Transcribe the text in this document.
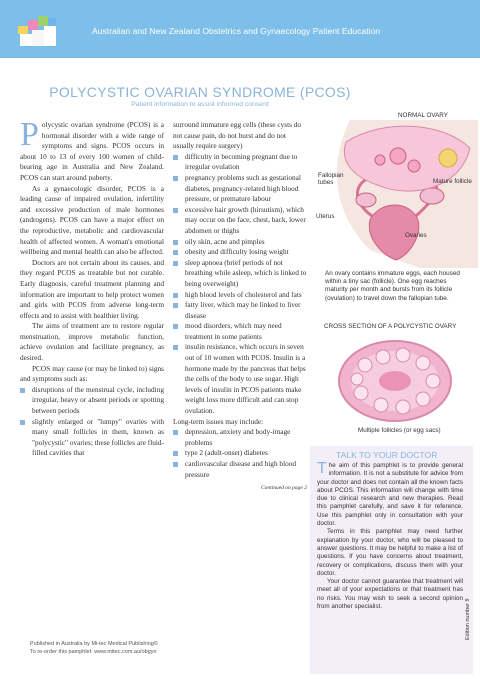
Australian and New Zealand Obstetrics and Gynaecology Patient Education
POLYCYSTIC OVARIAN SYNDROME (PCOS)
Patient information to assist informed consent

Polycystic ovarian syndrome (PCOS) is a hormonal disorder with a wide range of symptoms and signs. PCOS occurs in about 10 to 13 of every 100 women of child-bearing age in Australia and New Zealand. PCOS can start around puberty.

As a gynaecologic disorder, PCOS is a leading cause of impaired ovulation, infertility and excessive production of male hormones (androgens). PCOS can have a major effect on the reproductive, metabolic and cardiovascular health of affected women. A woman's emotional wellbeing and mental health can also be affected.

Doctors are not certain about its causes, and they regard PCOS as treatable but not curable. Early diagnosis, careful treatment planning and information are important to help protect women and girls with PCOS from adverse long-term effects and to assist with healthier living.

The aims of treatment are to restore regular menstruation, improve metabolic function, achieve ovulation and facilitate pregnancy, as desired.

PCOS may cause (or may be linked to) signs and symptoms such as:

disruptions of the menstrual cycle, including irregular, heavy or absent periods or spotting between periods
slightly enlarged or "lumpy" ovaries with many small follicles in them, known as "polycystic" ovaries; these follicles are fluid-filled cavities that

surround immature egg cells (these cysts do not cause pain, do not burst and do not usually require surgery)

difficulty in becoming pregnant due to irregular ovulation
pregnancy problems such as gestational diabetes, pregnancy-related high blood pressure, or premature labour
excessive hair growth (hirsutism), which may occur on the face, chest, back, lower abdomen or thighs
oily skin, acne and pimples
obesity and difficulty losing weight
sleep apnoea (brief periods of not breathing while asleep, which is linked to being overweight)
high blood levels of cholesterol and fats
fatty liver, which may be linked to liver disease
mood disorders, which may need treatment in some patients
insulin resistance, which occurs in seven out of 10 women with PCOS. Insulin is a hormone made by the pancreas that helps the cells of the body to use sugar. High levels of insulin in PCOS patients make weight loss more difficult and can stop ovulation.

Long-term issues may include:

depression, anxiety and body-image problems
type 2 (adult-onset) diabetes
cardiovascular disease and high blood pressure
Continued on page 2
NORMAL OVARY
Fallopian tubes	Mature follicle
Uterus
Ovaries
An ovary contains immature eggs, each housed within a tiny sac (follicle). One egg reaches maturity per month and bursts from its follicle (ovulation) to travel down the fallopian tube.
CROSS SECTION OF A POLYCYSTIC OVARY
Multiple follicles (or egg sacs)
TALK TO YOUR DOCTOR

The aim of this pamphlet is to provide general information. It is not a substitute for advice from your doctor and does not contain all the known facts about PCOS. This information will change with time due to clinical research and new therapies. Read this pamphlet carefully, and save it for reference. Use this pamphlet only in consultation with your doctor.

Terms in this pamphlet may need further explanation by your doctor, who will be pleased to answer questions. It may be helpful to make a list of questions. If you have concerns about treatment, recovery or complications, discuss them with your doctor.

Your doctor cannot guarantee that treatment will meet all of your expectations or that treatment has no risks. You may wish to seek a second opinion from another specialist.	Edition number 9
Published in Australia by Mi-tec Medical Publishing©
To re-order this pamphlet: www.mitec.com.au/obgyn
